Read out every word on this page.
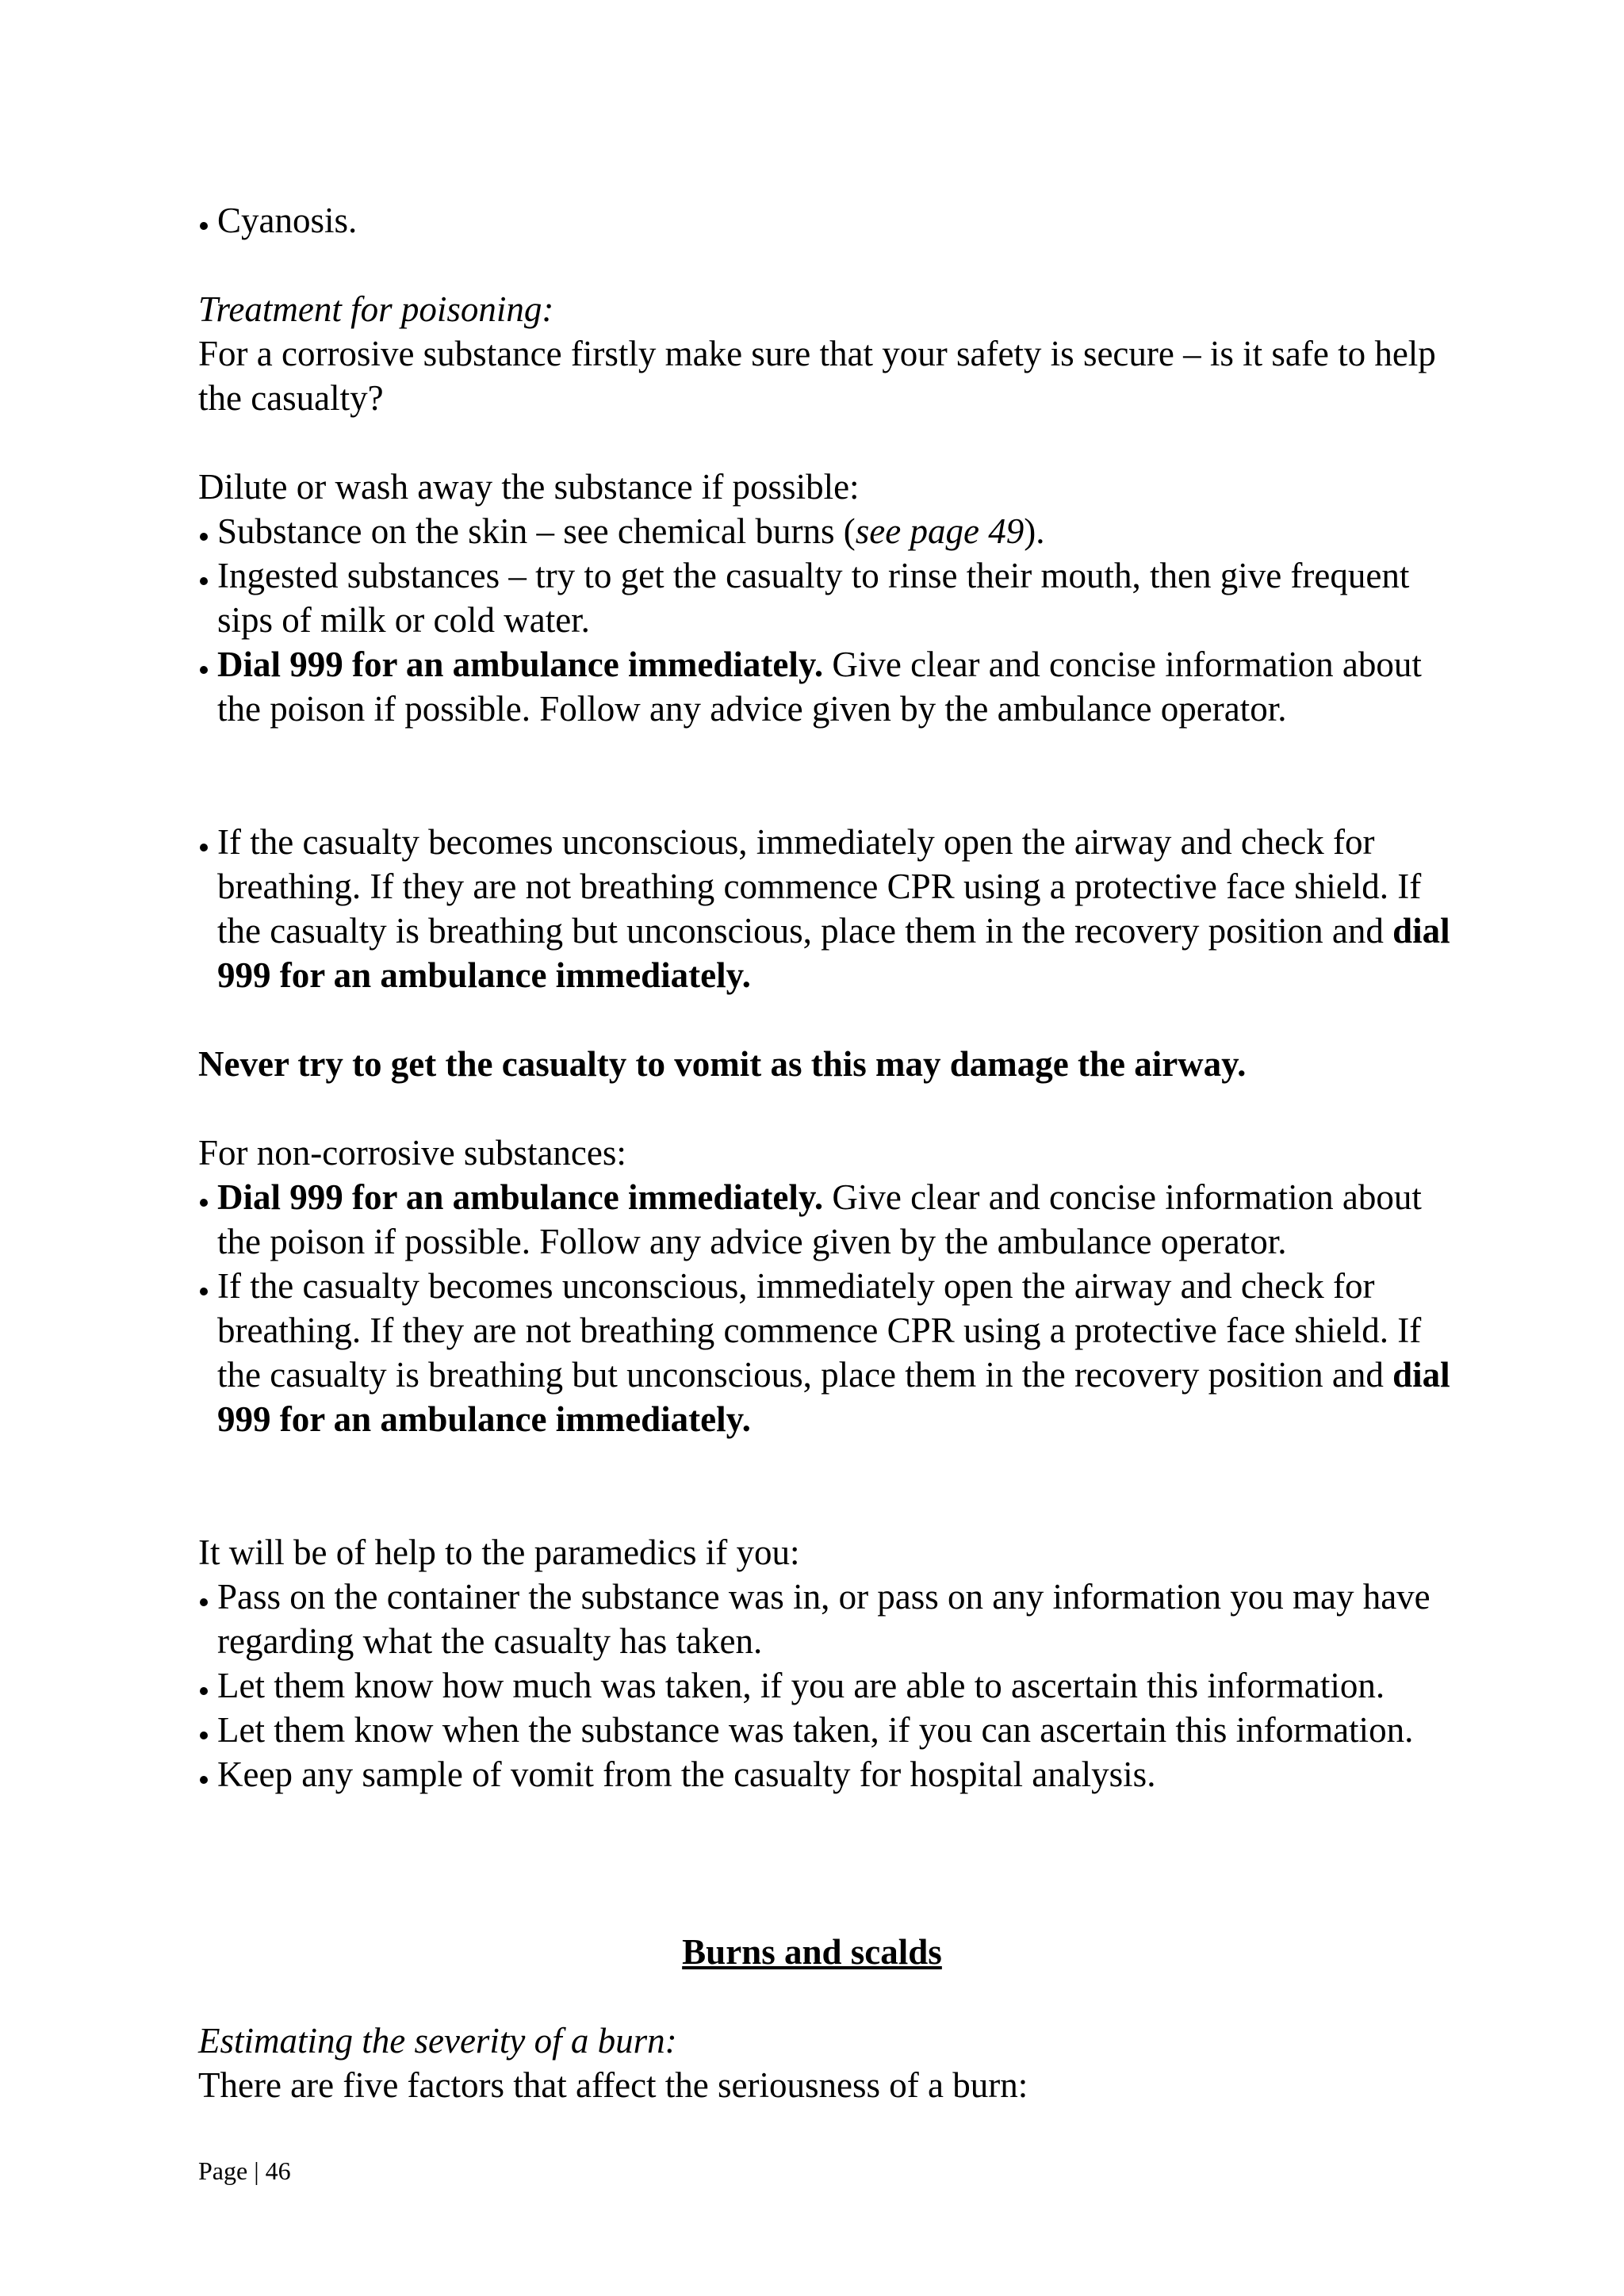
Cyanosis.

Treatment for poisoning:

For a corrosive substance firstly make sure that your safety is secure – is it safe to help the casualty?

Dilute or wash away the substance if possible:

Substance on the skin – see chemical burns (see page 49).
Ingested substances – try to get the casualty to rinse their mouth, then give frequent sips of milk or cold water.
Dial 999 for an ambulance immediately. Give clear and concise information about the poison if possible. Follow any advice given by the ambulance operator.
If the casualty becomes unconscious, immediately open the airway and check for breathing. If they are not breathing commence CPR using a protective face shield. If the casualty is breathing but unconscious, place them in the recovery position and dial 999 for an ambulance immediately.

Never try to get the casualty to vomit as this may damage the airway.

For non-corrosive substances:

Dial 999 for an ambulance immediately. Give clear and concise information about the poison if possible. Follow any advice given by the ambulance operator.
If the casualty becomes unconscious, immediately open the airway and check for breathing. If they are not breathing commence CPR using a protective face shield. If the casualty is breathing but unconscious, place them in the recovery position and dial 999 for an ambulance immediately.

It will be of help to the paramedics if you:

Pass on the container the substance was in, or pass on any information you may have regarding what the casualty has taken.
Let them know how much was taken, if you are able to ascertain this information.
Let them know when the substance was taken, if you can ascertain this information.
Keep any sample of vomit from the casualty for hospital analysis.

Burns and scalds

Estimating the severity of a burn:

There are five factors that affect the seriousness of a burn:

Page | 46
